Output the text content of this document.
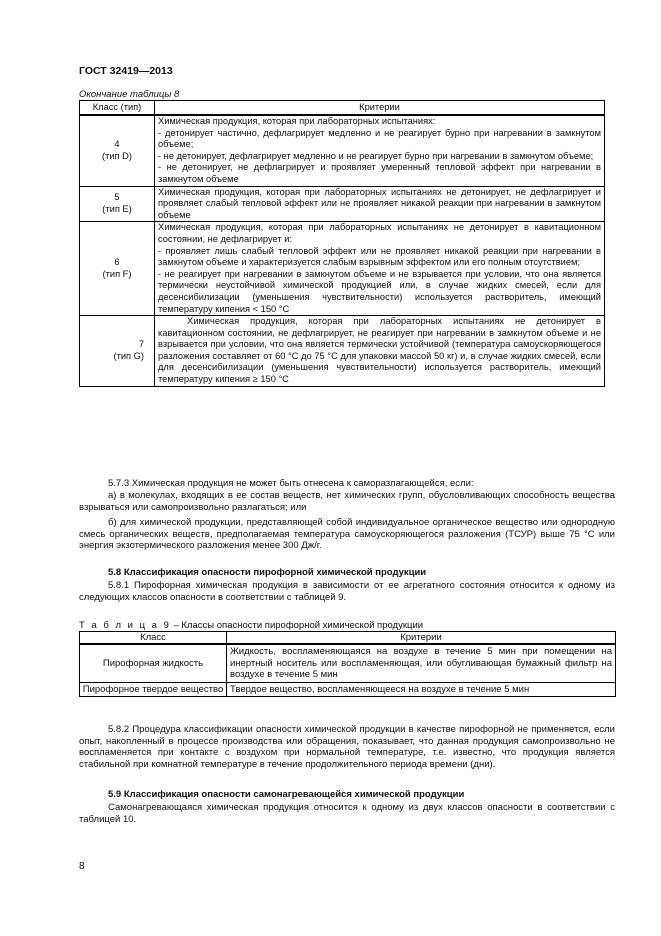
ГОСТ 32419—2013
Окончание таблицы 8
Класс (тип)	Критерии

4
(тип D)	Химическая продукция, которая при лабораторных испытаниях:
- детонирует частично, дефлагрирует медленно и не реагирует бурно при нагревании в замкнутом объеме;
- не детонирует, дефлагрирует медленно и не реагирует бурно при нагревании в замкнутом объеме;
- не детонирует, не дефлагрирует и проявляет умеренный тепловой эффект при нагревании в замкнутом объеме

5
(тип E)	Химическая продукция, которая при лабораторных испытаниях не детонирует, не дефлагрирует и проявляет слабый тепловой эффект или не проявляет никакой реакции при нагревании в замкнутом объеме

6
(тип F)	Химическая продукция, которая при лабораторных испытаниях не детонирует в кавитационном состоянии, не дефлагрирует и:
- проявляет лишь слабый тепловой эффект или не проявляет никакой реакции при нагревании в замкнутом объеме и характеризуется слабым взрывным эффектом или его полным отсутствием;
- не реагирует при нагревании в замкнутом объеме и не взрывается при условии, что она является термически неустойчивой химической продукцией или, в случае жидких смесей, если для десенсибилизации (уменьшения чувствительности) используется растворитель, имеющий температуру кипения < 150 °С

7
(тип G)	Химическая продукция, которая при лабораторных испытаниях не детонирует в кавитационном состоянии, не дефлагрирует, не реагирует при нагревании в замкнутом объеме и не взрывается при условии, что она является термически устойчивой (температура самоускоряющегося разложения составляет от 60 °С до 75 °С для упаковки массой 50 кг) и, в случае жидких смесей, если для десенсибилизации (уменьшения чувствительности) используется растворитель, имеющий температуру кипения ≥ 150 °С

5.7.3 Химическая продукция не может быть отнесена к саморазлагающейся, если:

а) в молекулах, входящих в ее состав веществ, нет химических групп, обусловливающих способность вещества взрываться или самопроизвольно разлагаться; или

б) для химической продукции, представляющей собой индивидуальное органическое вещество или однородную смесь органических веществ, предполагаемая температура самоускоряющегося разложения (ТСУР) выше 75 °С или энергия экзотермического разложения менее 300 Дж/г.

5.8 Классификация опасности пирофорной химической продукции

5.8.1 Пирофорная химическая продукция в зависимости от ее агрегатного состояния относится к одному из следующих классов опасности в соответствии с таблицей 9.

Т а б л и ц а 9 – Классы опасности пирофорной химической продукции
Класс	Критерии
Пирофорная жидкость	Жидкость, воспламеняющаяся на воздухе в течение 5 мин при помещении на инертный носитель или воспламеняющая, или обугливающая бумажный фильтр на воздухе в течение 5 мин
Пирофорное твердое вещество	Твердое вещество, воспламеняющееся на воздухе в течение 5 мин

5.8.2 Процедура классификации опасности химической продукции в качестве пирофорной не применяется, если опыт, накопленный в процессе производства или обращения, показывает, что данная продукция самопроизвольно не воспламеняется при контакте с воздухом при нормальной температуре, т.е. известно, что продукция является стабильной при комнатной температуре в течение продолжительного периода времени (дни).

5.9 Классификация опасности самонагревающейся химической продукции

Самонагревающаяся химическая продукция относится к одному из двух классов опасности в соответствии с таблицей 10.

8
